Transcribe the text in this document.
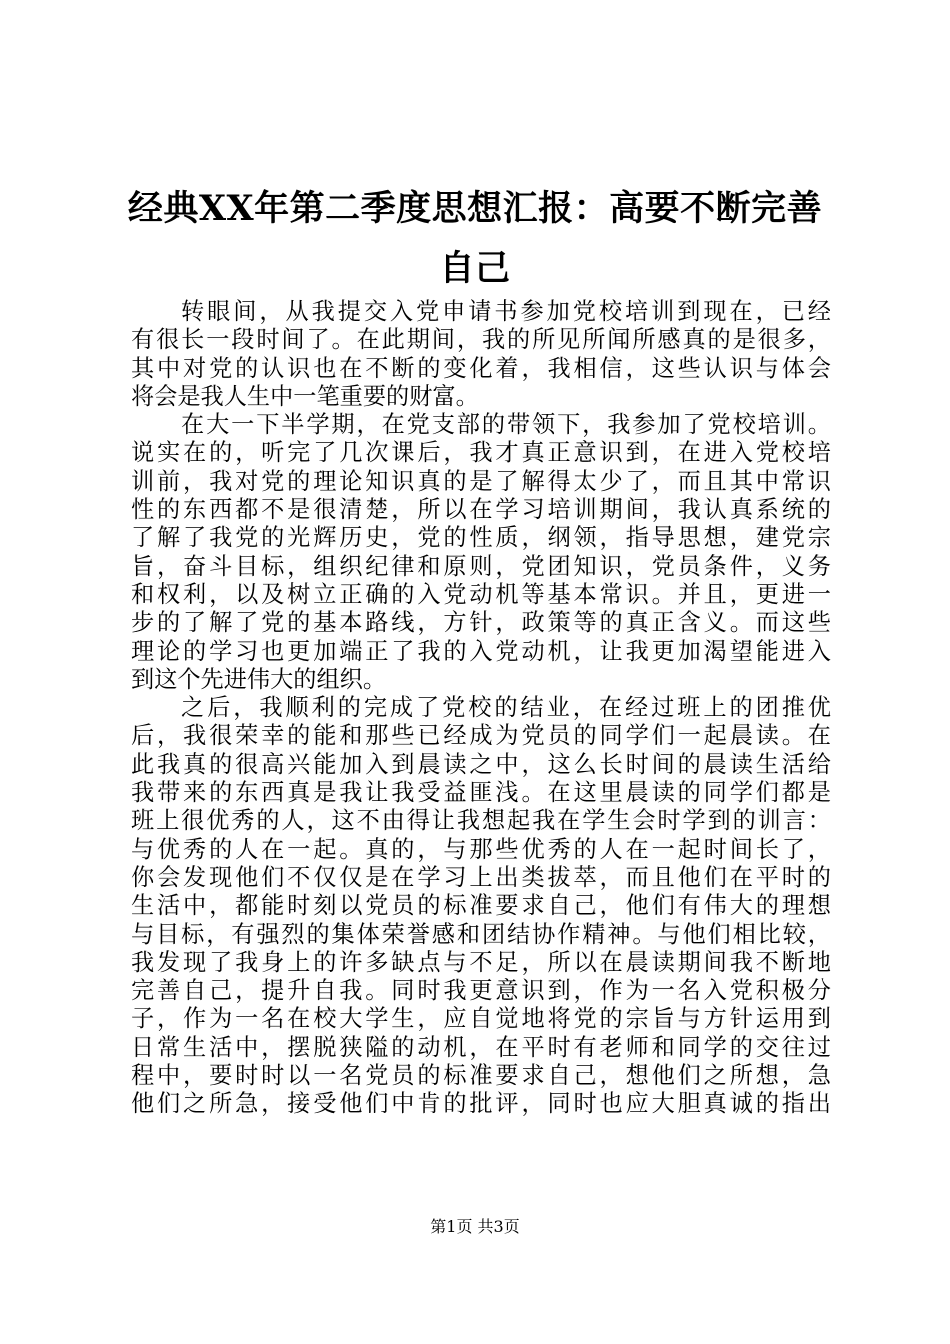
经典XX年第二季度思想汇报：高要不断完善
自己
转眼间，从我提交入党申请书参加党校培训到现在，已经
有很长一段时间了。在此期间，我的所见所闻所感真的是很多，
其中对党的认识也在不断的变化着，我相信，这些认识与体会
将会是我人生中一笔重要的财富。
在大一下半学期，在党支部的带领下，我参加了党校培训。
说实在的，听完了几次课后，我才真正意识到，在进入党校培
训前，我对党的理论知识真的是了解得太少了，而且其中常识
性的东西都不是很清楚，所以在学习培训期间，我认真系统的
了解了我党的光辉历史，党的性质，纲领，指导思想，建党宗
旨，奋斗目标，组织纪律和原则，党团知识，党员条件，义务
和权利，以及树立正确的入党动机等基本常识。并且，更进一
步的了解了党的基本路线，方针，政策等的真正含义。而这些
理论的学习也更加端正了我的入党动机，让我更加渴望能进入
到这个先进伟大的组织。
之后，我顺利的完成了党校的结业，在经过班上的团推优
后，我很荣幸的能和那些已经成为党员的同学们一起晨读。在
此我真的很高兴能加入到晨读之中，这么长时间的晨读生活给
我带来的东西真是我让我受益匪浅。在这里晨读的同学们都是
班上很优秀的人，这不由得让我想起我在学生会时学到的训言：
与优秀的人在一起。真的，与那些优秀的人在一起时间长了，
你会发现他们不仅仅是在学习上出类拔萃，而且他们在平时的
生活中，都能时刻以党员的标准要求自己，他们有伟大的理想
与目标，有强烈的集体荣誉感和团结协作精神。与他们相比较，
我发现了我身上的许多缺点与不足，所以在晨读期间我不断地
完善自己，提升自我。同时我更意识到，作为一名入党积极分
子，作为一名在校大学生，应自觉地将党的宗旨与方针运用到
日常生活中，摆脱狭隘的动机，在平时有老师和同学的交往过
程中，要时时以一名党员的标准要求自己，想他们之所想，急
他们之所急，接受他们中肯的批评，同时也应大胆真诚的指出
第1页 共3页
